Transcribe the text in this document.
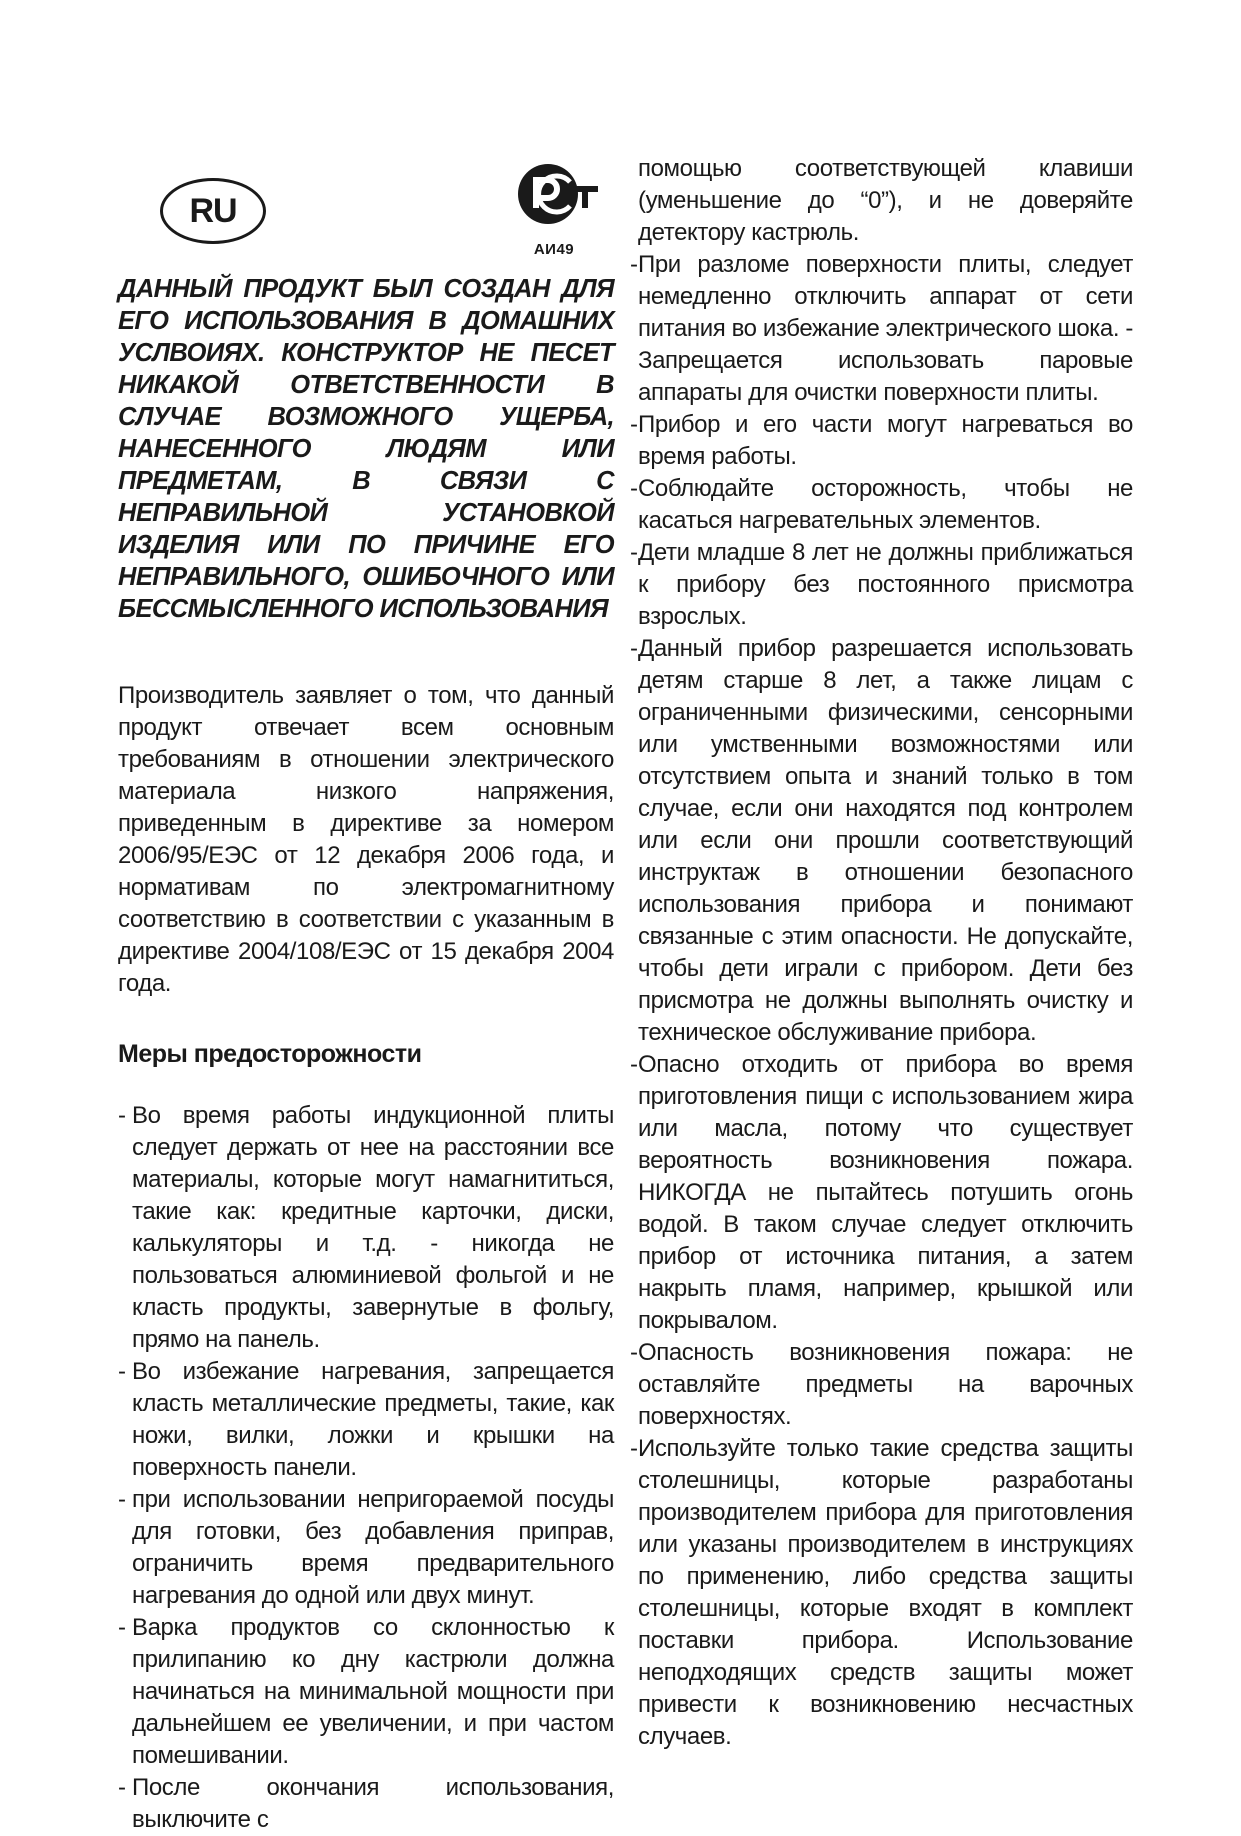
RU
АИ49

ДАННЫЙ ПРОДУКТ БЫЛ СОЗДАН ДЛЯ ЕГО ИСПОЛЬЗОВАНИЯ В ДОМАШНИХ УСЛВОИЯХ. КОНСТРУКТОР НЕ ПЕСЕТ НИКАКОЙ ОТВЕТСТВЕННОСТИ В СЛУЧАЕ ВОЗМОЖНОГО УЩЕРБА, НАНЕСЕННОГО ЛЮДЯМ ИЛИ ПРЕДМЕТАМ, В СВЯЗИ С НЕПРАВИЛЬНОЙ УСТАНОВКОЙ ИЗДЕЛИЯ ИЛИ ПО ПРИЧИНЕ ЕГО НЕПРАВИЛЬНОГО, ОШИБОЧНОГО ИЛИ БЕССМЫСЛЕННОГО ИСПОЛЬЗОВАНИЯ

Производитель заявляет о том, что данный продукт отвечает всем основным требованиям в отношении электрического материала низкого напряжения, приведенным в директиве за номером 2006/95/ЕЭС от 12 декабря 2006 года, и нормативам по электромагнитному соответствию в соответствии с указанным в директиве 2004/108/ЕЭС от 15 декабря 2004 года.

Меры предосторожности
- Во время работы индукционной плиты следует держать от нее на расстоянии все материалы, которые могут намагнититься, такие как: кредитные карточки, диски, калькуляторы и т.д. - никогда не пользоваться алюминиевой фольгой и не класть продукты, завернутые в фольгу, прямо на панель.
- Во избежание нагревания, запрещается класть металлические предметы, такие, как ножи, вилки, ложки и крышки на поверхность панели.
- при использовании непригораемой посуды для готовки, без добавления приправ, ограничить время предварительного нагревания до одной или двух минут.
- Варка продуктов со склонностью к прилипанию ко дну кастрюли должна начинаться на минимальной мощности при дальнейшем ее увеличении, и при частом помешивании.
- После окончания использования, выключите с
помощью соответствующей клавиши (уменьшение до “0”), и не доверяйте детектору кастрюль.
- При разломе поверхности плиты, следует немедленно отключить аппарат от сети питания во избежание электрического шока. - Запрещается использовать паровые аппараты для очистки поверхности плиты.
- Прибор и его части могут нагреваться во время работы.
- Соблюдайте осторожность, чтобы не касаться нагревательных элементов.
- Дети младше 8 лет не должны приближаться к прибору без постоянного присмотра взрослых.
- Данный прибор разрешается использовать детям старше 8 лет, а также лицам с ограниченными физическими, сенсорными или умственными возможностями или отсутствием опыта и знаний только в том случае, если они находятся под контролем или если они прошли соответствующий инструктаж в отношении безопасного использования прибора и понимают связанные с этим опасности. Не допускайте, чтобы дети играли с прибором. Дети без присмотра не должны выполнять очистку и техническое обслуживание прибора.
- Опасно отходить от прибора во время приготовления пищи с использованием жира или масла, потому что существует вероятность возникновения пожара. НИКОГДА не пытайтесь потушить огонь водой. В таком случае следует отключить прибор от источника питания, а затем накрыть пламя, например, крышкой или покрывалом.
- Опасность возникновения пожара: не оставляйте предметы на варочных поверхностях.
- Используйте только такие средства защиты столешницы, которые разработаны производителем прибора для приготовления или указаны производителем в инструкциях по применению, либо средства защиты столешницы, которые входят в комплект поставки прибора. Использование неподходящих средств защиты может привести к возникновению несчастных случаев.
